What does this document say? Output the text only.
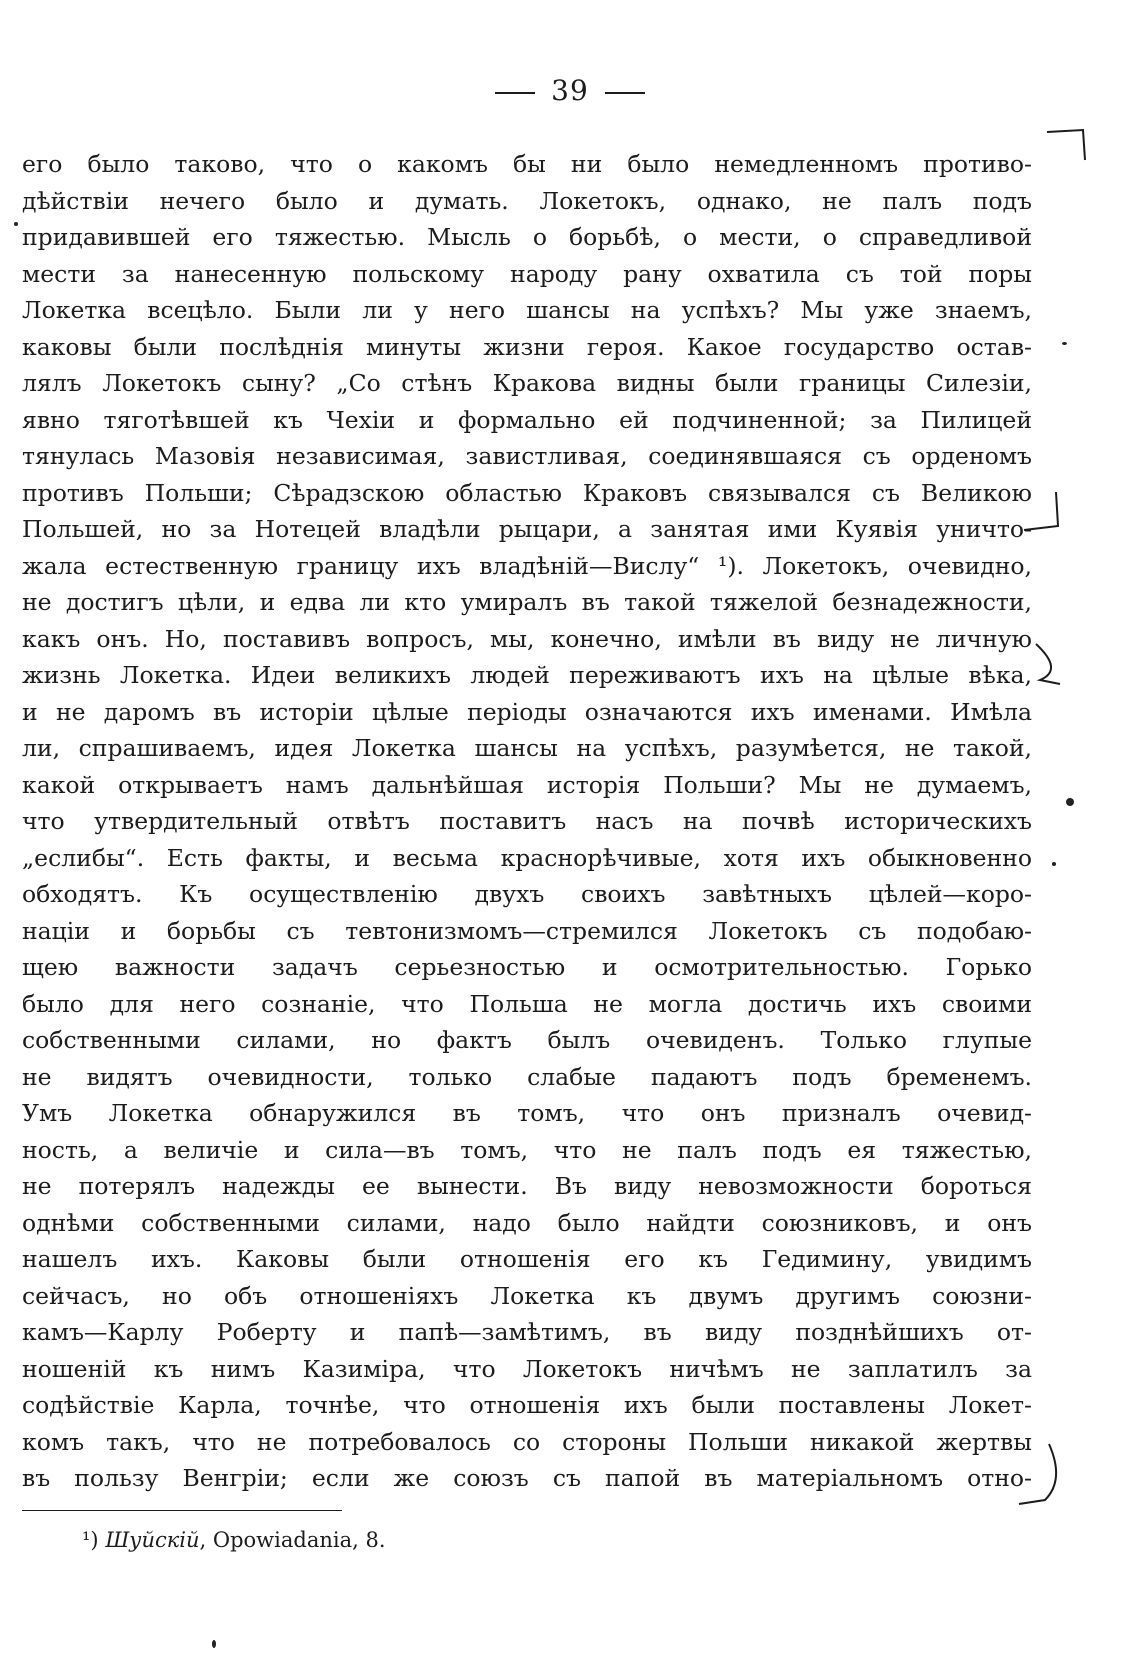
39
его было таково, что о какомъ бы ни было немедленномъ противо-
дѣйствіи нечего было и думать. Локетокъ, однако, не палъ подъ
придавившей его тяжестью. Мысль о борьбѣ, о мести, о справедливой
мести за нанесенную польскому народу рану охватила съ той поры
Локетка всецѣло. Были ли у него шансы на успѣхъ? Мы уже знаемъ,
каковы были послѣднія минуты жизни героя. Какое государство остав-
лялъ Локетокъ сыну? „Со стѣнъ Кракова видны были границы Силезіи,
явно тяготѣвшей къ Чехіи и формально ей подчиненной; за Пилицей
тянулась Мазовія независимая, завистливая, соединявшаяся съ орденомъ
противъ Польши; Сѣрадзскою областью Краковъ связывался съ Великою
Польшей, но за Нотецей владѣли рыцари, а занятая ими Куявія уничто-
жала естественную границу ихъ владѣній—Вислу“ ¹). Локетокъ, очевидно,
не достигъ цѣли, и едва ли кто умиралъ въ такой тяжелой безнадежности,
какъ онъ. Но, поставивъ вопросъ, мы, конечно, имѣли въ виду не личную
жизнь Локетка. Идеи великихъ людей переживаютъ ихъ на цѣлые вѣка,
и не даромъ въ исторіи цѣлые періоды означаются ихъ именами. Имѣла
ли, спрашиваемъ, идея Локетка шансы на успѣхъ, разумѣется, не такой,
какой открываетъ намъ дальнѣйшая исторія Польши? Мы не думаемъ,
что утвердительный отвѣтъ поставитъ насъ на почвѣ историческихъ
„еслибы“. Есть факты, и весьма краснорѣчивые, хотя ихъ обыкновенно
обходятъ. Къ осуществленію двухъ своихъ завѣтныхъ цѣлей—коро-
націи и борьбы съ тевтонизмомъ—стремился Локетокъ съ подобаю-
щею важности задачъ серьезностью и осмотрительностью. Горько
было для него сознаніе, что Польша не могла достичь ихъ своими
собственными силами, но фактъ былъ очевиденъ. Только глупые
не видятъ очевидности, только слабые падаютъ подъ бременемъ.
Умъ Локетка обнаружился въ томъ, что онъ призналъ очевид-
ность, а величіе и сила—въ томъ, что не палъ подъ ея тяжестью,
не потерялъ надежды ее вынести. Въ виду невозможности бороться
однѣми собственными силами, надо было найдти союзниковъ, и онъ
нашелъ ихъ. Каковы были отношенія его къ Гедимину, увидимъ
сейчасъ, но объ отношеніяхъ Локетка къ двумъ другимъ союзни-
камъ—Карлу Роберту и папѣ—замѣтимъ, въ виду позднѣйшихъ от-
ношеній къ нимъ Казиміра, что Локетокъ ничѣмъ не заплатилъ за
содѣйствіе Карла, точнѣе, что отношенія ихъ были поставлены Локет-
комъ такъ, что не потребовалось со стороны Польши никакой жертвы
въ пользу Венгріи; если же союзъ съ папой въ матеріальномъ отно-
¹) Шуйскій, Opowiadania, 8.
